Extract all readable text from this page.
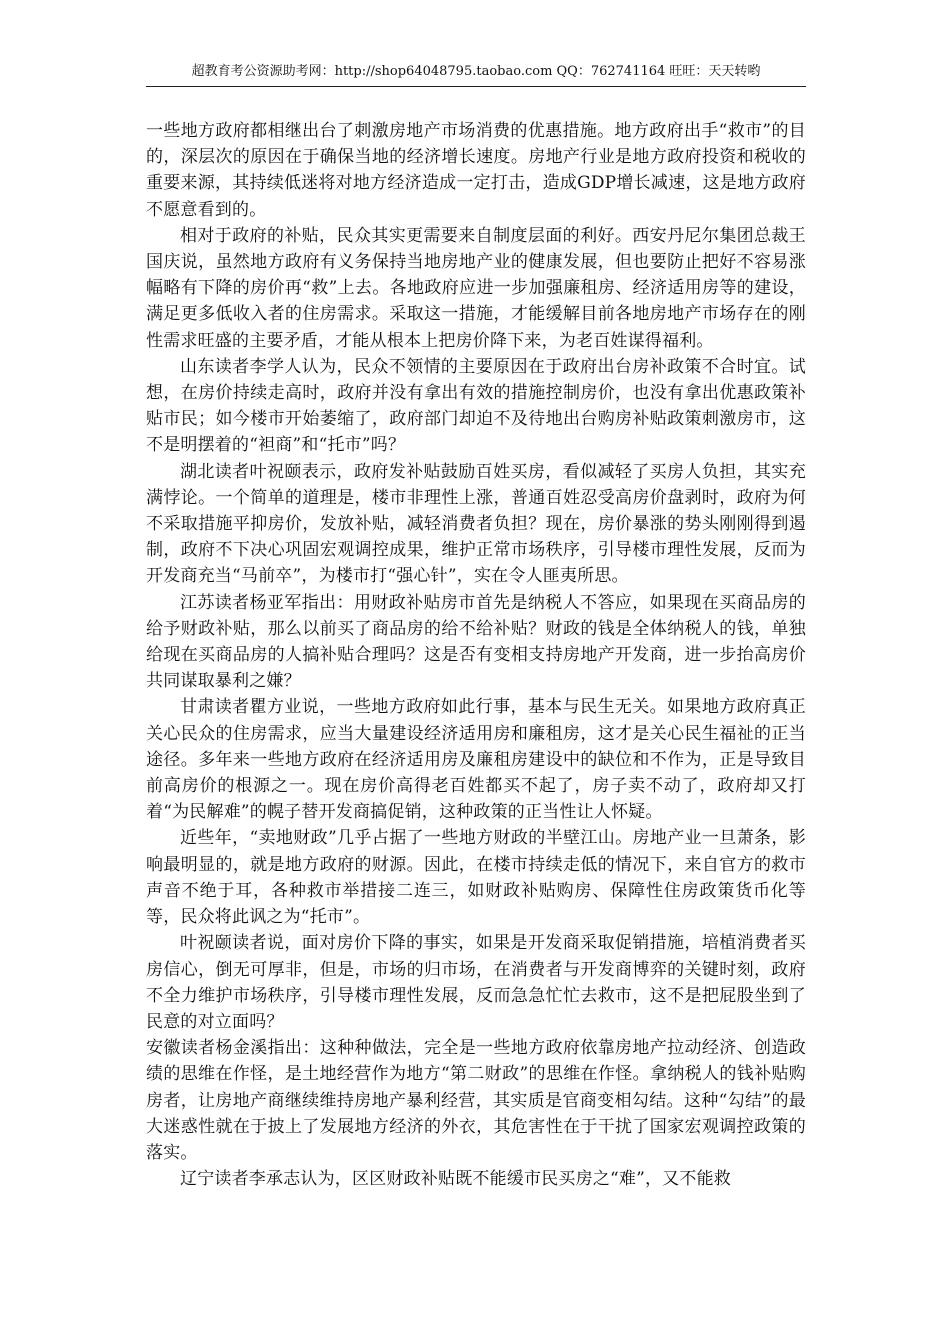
超教育考公资源助考网：http://shop64048795.taobao.com QQ：762741164 旺旺：天天转哟

一些地方政府都相继出台了刺激房地产市场消费的优惠措施。地方政府出手“救市”的目的，深层次的原因在于确保当地的经济增长速度。房地产行业是地方政府投资和税收的重要来源，其持续低迷将对地方经济造成一定打击，造成GDP增长减速，这是地方政府不愿意看到的。

相对于政府的补贴，民众其实更需要来自制度层面的利好。西安丹尼尔集团总裁王国庆说，虽然地方政府有义务保持当地房地产业的健康发展，但也要防止把好不容易涨幅略有下降的房价再“救”上去。各地政府应进一步加强廉租房、经济适用房等的建设，满足更多低收入者的住房需求。采取这一措施，才能缓解目前各地房地产市场存在的刚性需求旺盛的主要矛盾，才能从根本上把房价降下来，为老百姓谋得福利。

山东读者李学人认为，民众不领情的主要原因在于政府出台房补政策不合时宜。试想，在房价持续走高时，政府并没有拿出有效的措施控制房价，也没有拿出优惠政策补贴市民；如今楼市开始萎缩了，政府部门却迫不及待地出台购房补贴政策刺激房市，这不是明摆着的“袒商”和“托市”吗？

湖北读者叶祝颐表示，政府发补贴鼓励百姓买房，看似减轻了买房人负担，其实充满悖论。一个简单的道理是，楼市非理性上涨，普通百姓忍受高房价盘剥时，政府为何不采取措施平抑房价，发放补贴，减轻消费者负担？现在，房价暴涨的势头刚刚得到遏制，政府不下决心巩固宏观调控成果，维护正常市场秩序，引导楼市理性发展，反而为开发商充当“马前卒”，为楼市打“强心针”，实在令人匪夷所思。

江苏读者杨亚军指出：用财政补贴房市首先是纳税人不答应，如果现在买商品房的给予财政补贴，那么以前买了商品房的给不给补贴？财政的钱是全体纳税人的钱，单独给现在买商品房的人搞补贴合理吗？这是否有变相支持房地产开发商，进一步抬高房价共同谋取暴利之嫌？

甘肃读者瞿方业说，一些地方政府如此行事，基本与民生无关。如果地方政府真正关心民众的住房需求，应当大量建设经济适用房和廉租房，这才是关心民生福祉的正当途径。多年来一些地方政府在经济适用房及廉租房建设中的缺位和不作为，正是导致目前高房价的根源之一。现在房价高得老百姓都买不起了，房子卖不动了，政府却又打着“为民解难”的幌子替开发商搞促销，这种政策的正当性让人怀疑。

近些年，“卖地财政”几乎占据了一些地方财政的半壁江山。房地产业一旦萧条，影响最明显的，就是地方政府的财源。因此，在楼市持续走低的情况下，来自官方的救市声音不绝于耳，各种救市举措接二连三，如财政补贴购房、保障性住房政策货币化等等，民众将此讽之为“托市”。

叶祝颐读者说，面对房价下降的事实，如果是开发商采取促销措施，培植消费者买房信心，倒无可厚非，但是，市场的归市场，在消费者与开发商博弈的关键时刻，政府不全力维护市场秩序，引导楼市理性发展，反而急急忙忙去救市，这不是把屁股坐到了民意的对立面吗？

安徽读者杨金溪指出：这种种做法，完全是一些地方政府依靠房地产拉动经济、创造政绩的思维在作怪，是土地经营作为地方“第二财政”的思维在作怪。拿纳税人的钱补贴购房者，让房地产商继续维持房地产暴利经营，其实质是官商变相勾结。这种“勾结”的最大迷惑性就在于披上了发展地方经济的外衣，其危害性在于干扰了国家宏观调控政策的落实。

辽宁读者李承志认为，区区财政补贴既不能缓市民买房之“难”，又不能救
